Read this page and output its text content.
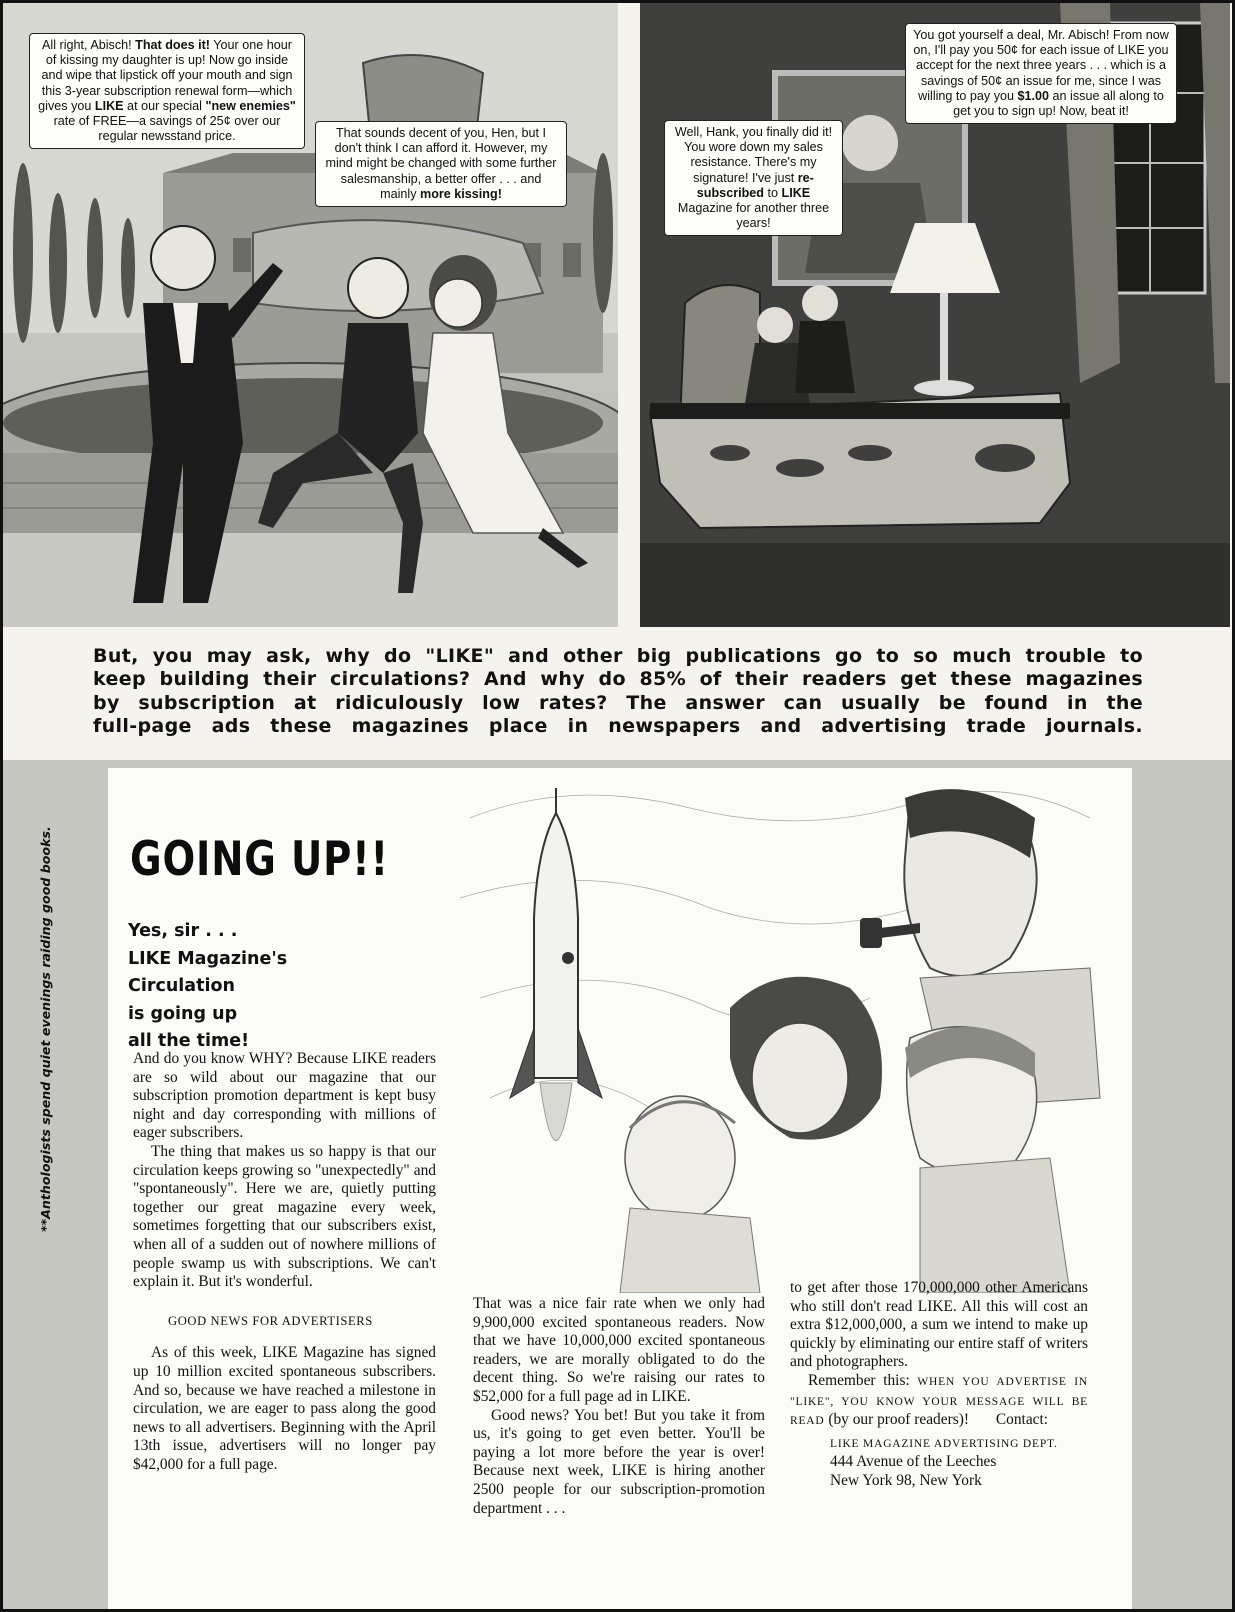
All right, Abisch! That does it! Your one hour of kissing my daughter is up! Now go inside and wipe that lipstick off your mouth and sign this 3-year subscription renewal form—which gives you LIKE at our special "new enemies" rate of FREE—a savings of 25¢ over our regular newsstand price.	That sounds decent of you, Hen, but I don't think I can afford it. However, my mind might be changed with some further salesmanship, a better offer . . . and mainly more kissing!
Well, Hank, you finally did it! You wore down my sales resistance. There's my signature! I've just re-subscribed to LIKE Magazine for another three years!
You got yourself a deal, Mr. Abisch! From now on, I'll pay you 50¢ for each issue of LIKE you accept for the next three years . . . which is a savings of 50¢ an issue for me, since I was willing to pay you $1.00 an issue all along to get you to sign up! Now, beat it!
But, you may ask, why do "LIKE" and other big publications go to so much trouble to
keep building their circulations? And why do 85% of their readers get these magazines
by subscription at ridiculously low rates? The answer can usually be found in the
full-page ads these magazines place in newspapers and advertising trade journals.
**Anthologists spend quiet evenings raiding good books. GOING UP!!
Yes, sir . . .
LIKE Magazine's
Circulation
is going up
all the time!

And do you know WHY? Because LIKE readers are so wild about our magazine that our subscription promotion department is kept busy night and day corresponding with millions of eager subscribers.

The thing that makes us so happy is that our circulation keeps growing so "unexpectedly" and "spontaneously". Here we are, quietly putting together our great magazine every week, sometimes forgetting that our subscribers exist, when all of a sudden out of nowhere millions of people swamp us with subscriptions. We can't explain it. But it's wonderful.

GOOD NEWS FOR ADVERTISERS

As of this week, LIKE Magazine has signed up 10 million excited spontaneous subscribers. And so, because we have reached a milestone in circulation, we are eager to pass along the good news to all advertisers. Beginning with the April 13th issue, advertisers will no longer pay $42,000 for a full page.

That was a nice fair rate when we only had 9,900,000 excited spontaneous readers. Now that we have 10,000,000 excited spontaneous readers, we are morally obligated to do the decent thing. So we're raising our rates to $52,000 for a full page ad in LIKE.

Good news? You bet! But you take it from us, it's going to get even better. You'll be paying a lot more before the year is over! Because next week, LIKE is hiring another 2500 people for our subscription-promotion department . . .

to get after those 170,000,000 other Americans who still don't read LIKE. All this will cost an extra $12,000,000, a sum we intend to make up quickly by eliminating our entire staff of writers and photographers.

Remember this: WHEN YOU ADVERTISE IN "LIKE", YOU KNOW YOUR MESSAGE WILL BE READ (by our proof readers)! Contact:

LIKE MAGAZINE ADVERTISING DEPT.
444 Avenue of the Leeches
New York 98, New York
